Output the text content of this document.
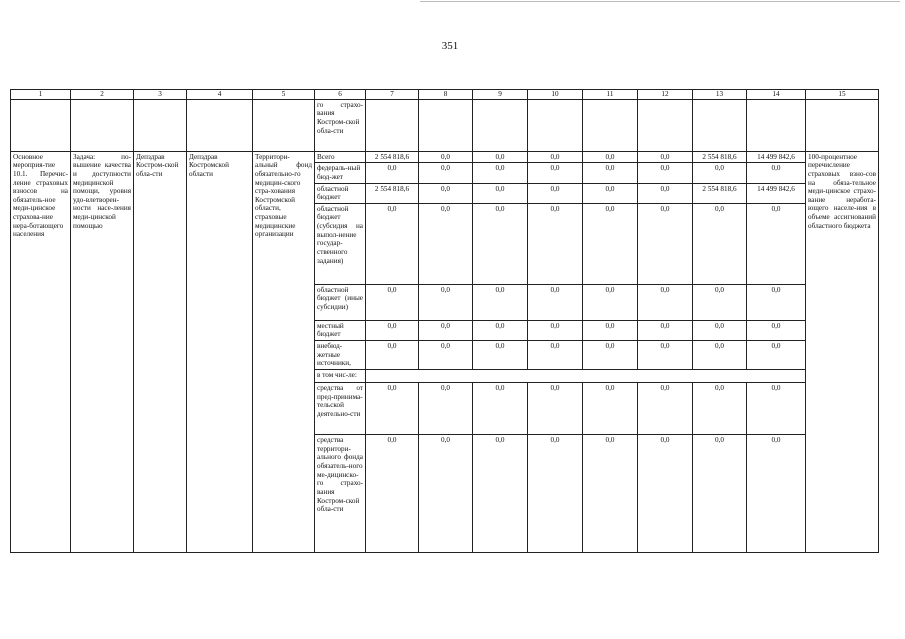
351
1	2	3	4	5	6	7	8	9	10	11	12	13	14	15
					го страхо-вания Костром-ской обла-сти									
Основное мероприя-тие 10.1. Перечис-ление страховых взносов на обязатель-ное меди-цинское страхова-ние нера-ботающего населения	Задача: по-вышение качества и доступности медицинской помощи, уровня удо-влетворен-ности насе-ления меди-цинской помощью	Депздрав Костром-ской обла-сти	Депздрав Костромской области	Территори-альный фонд обязательно-го медицин-ского стра-хования Костромской области, страховые медицинские организации	Всего	2 554 818,6	0,0	0,0	0,0	0,0	0,0	2 554 818,6	14 499 842,6	100-процентное перечисление страховых взно-сов на обяза-тельное меди-цинское страхо-вание неработа-ющего населе-ния в объеме ассигнований областного бюджета
					федераль-ный бюд-жет	0,0	0,0	0,0	0,0	0,0	0,0	0,0	0,0	
					областной бюджет	2 554 818,6	0,0	0,0	0,0	0,0	0,0	2 554 818,6	14 499 842,6	
					областной бюджет (субсидия на выпол-нение государ-ственного задания)	0,0	0,0	0,0	0,0	0,0	0,0	0,0	0,0	
					областной бюджет (иные субсидии)	0,0	0,0	0,0	0,0	0,0	0,0	0,0	0,0	
					местный бюджет	0,0	0,0	0,0	0,0	0,0	0,0	0,0	0,0	
					внебюд-жетные источники,	0,0	0,0	0,0	0,0	0,0	0,0	0,0	0,0	
					в том чис-ле:									
					средства от пред-принима-тельской деятельно-сти	0,0	0,0	0,0	0,0	0,0	0,0	0,0	0,0	
					средства территори-ального фонда обязатель-ного ме-дицинско-го страхо-вания Костром-ской обла-сти	0,0	0,0	0,0	0,0	0,0	0,0	0,0	0,0	
